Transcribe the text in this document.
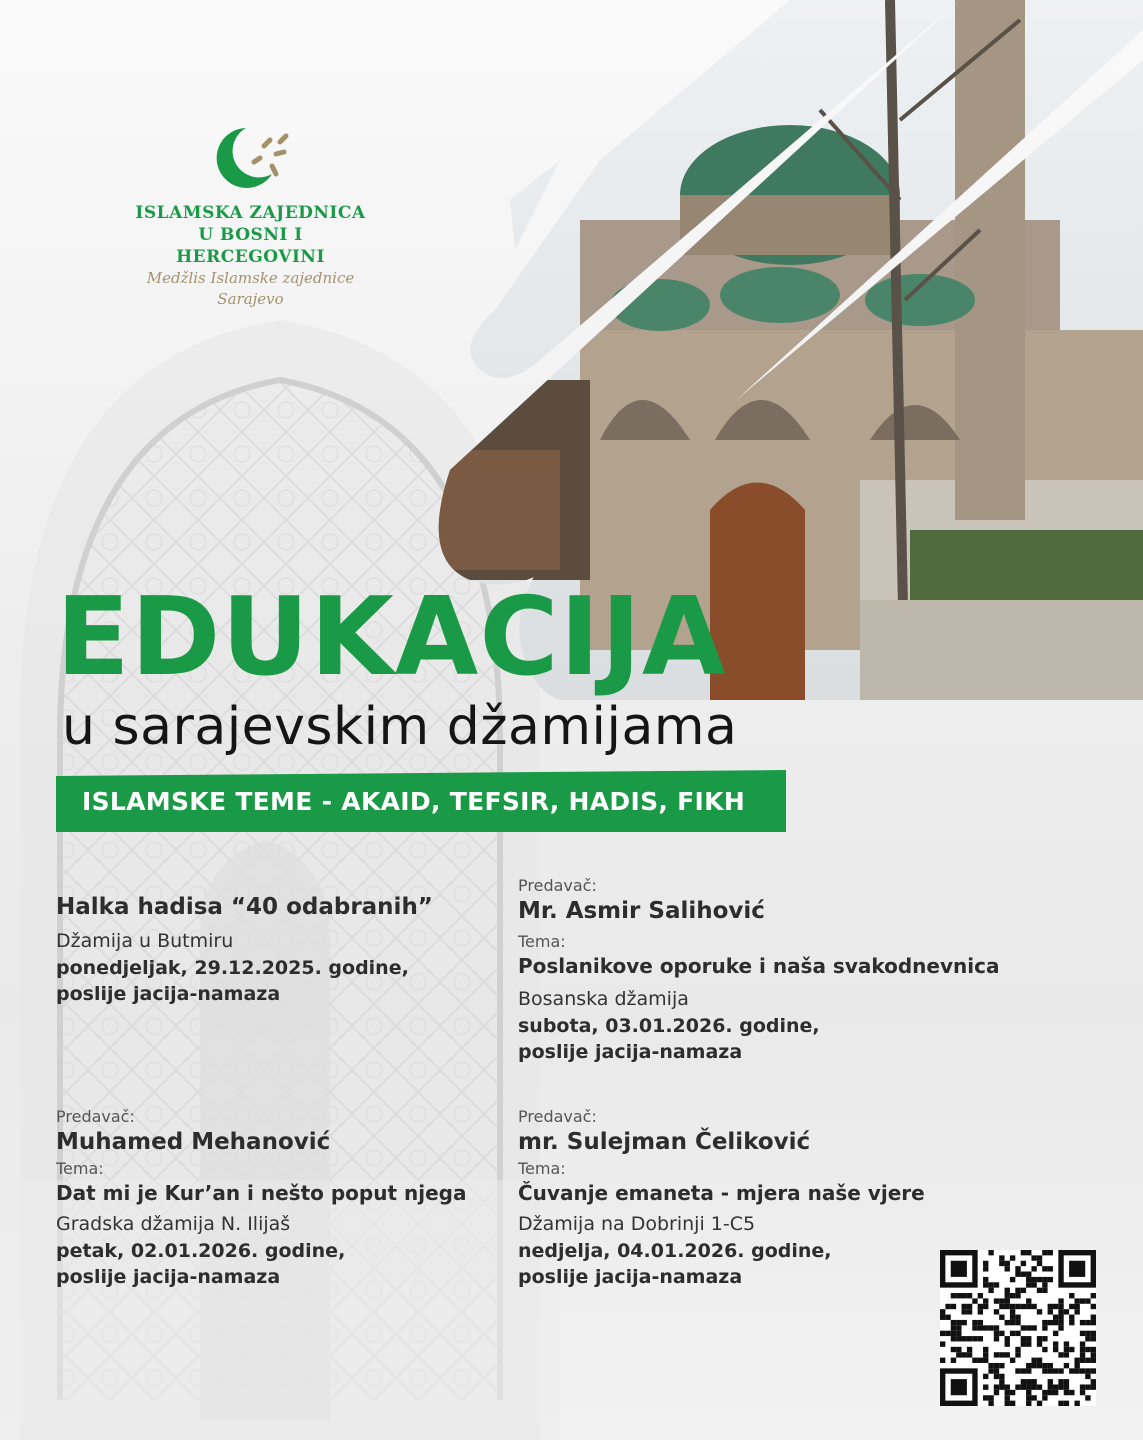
ISLAMSKA ZAJEDNICA
U BOSNI I HERCEGOVINI
Medžlis Islamske zajednice
Sarajevo
EDUKACIJA
u sarajevskim džamijama
ISLAMSKE TEME - AKAID, TEFSIR, HADIS, FIKH
Halka hadisa “40 odabranih”
Džamija u Butmiru
ponedjeljak, 29.12.2025. godine,
poslije jacija-namaza
Predavač:
Mr. Asmir Salihović
Tema:
Poslanikove oporuke i naša svakodnevnica
Bosanska džamija
subota, 03.01.2026. godine,
poslije jacija-namaza
Predavač:
Muhamed Mehanović
Tema:
Dat mi je Kur’an i nešto poput njega
Gradska džamija N. Ilijaš
petak, 02.01.2026. godine,
poslije jacija-namaza
Predavač:
mr. Sulejman Čeliković
Tema:
Čuvanje emaneta - mjera naše vjere
Džamija na Dobrinji 1-C5
nedjelja, 04.01.2026. godine,
poslije jacija-namaza
